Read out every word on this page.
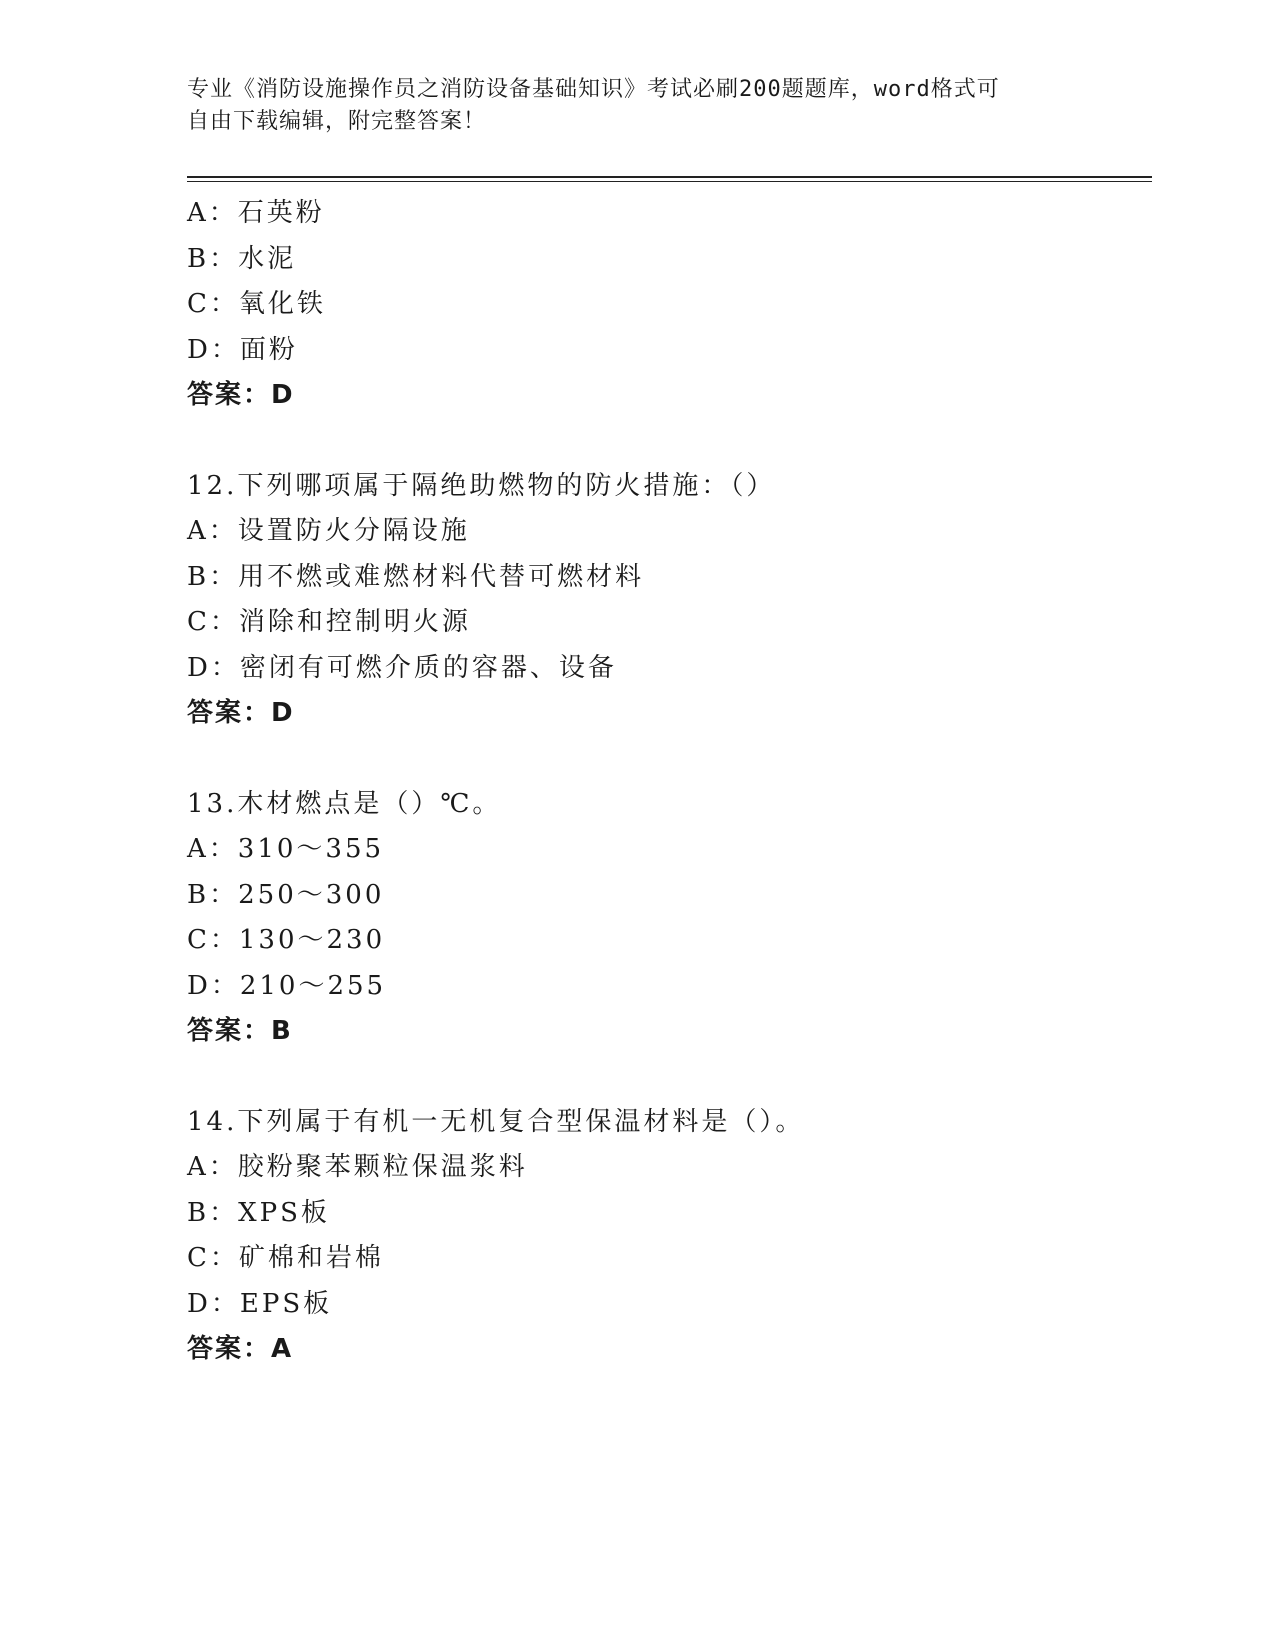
专业《消防设施操作员之消防设备基础知识》考试必刷200题题库，word格式可
自由下载编辑，附完整答案！
A：石英粉
B：水泥
C：氧化铁
D：面粉
答案：D
12.下列哪项属于隔绝助燃物的防火措施：（）
A：设置防火分隔设施
B：用不燃或难燃材料代替可燃材料
C：消除和控制明火源
D：密闭有可燃介质的容器、设备
答案：D
13.木材燃点是（）℃。
A：310～355
B：250～300
C：130～230
D：210～255
答案：B
14.下列属于有机一无机复合型保温材料是（）。
A：胶粉聚苯颗粒保温浆料
B：XPS板
C：矿棉和岩棉
D：EPS板
答案：A
